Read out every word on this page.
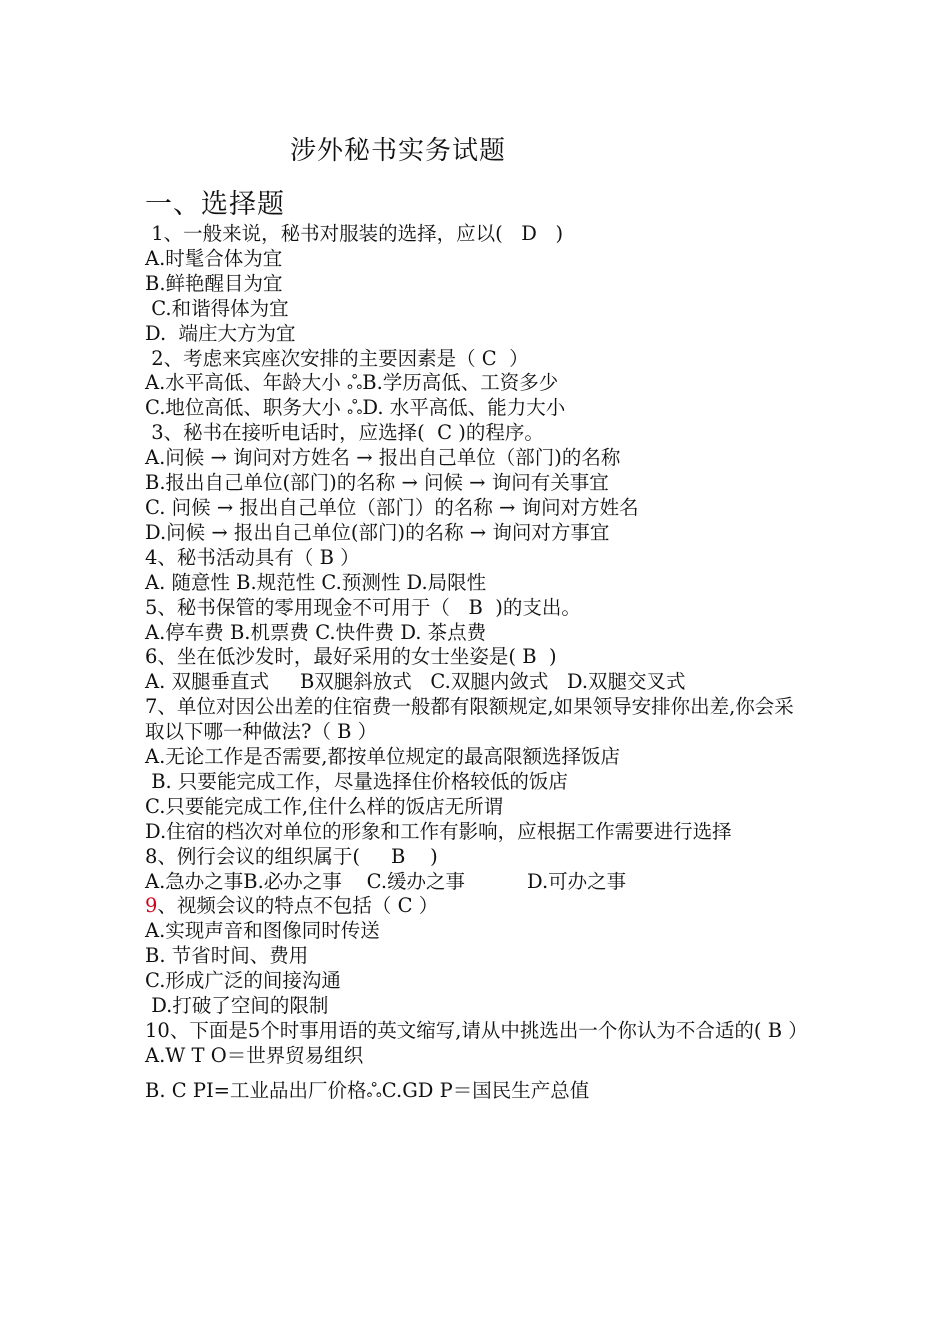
涉外秘书实务试题
一、选择题
1、一般来说，秘书对服装的选择，应以(   D   )
A.时髦合体为宜
B.鲜艳醒目为宜
C.和谐得体为宜
D.  端庄大方为宜
2、考虑来宾座次安排的主要因素是（ C  ）
A.水平高低、年龄大小 ஃB.学历高低、工资多少
C.地位高低、职务大小 ஃD. 水平高低、能力大小
3、秘书在接听电话时，应选择(  C )的程序。
A.问候 → 询问对方姓名 → 报出自己单位（部门)的名称
B.报出自己单位(部门)的名称 → 问候 → 询问有关事宜
C. 问候 → 报出自己单位（部门）的名称 → 询问对方姓名
D.问候 → 报出自己单位(部门)的名称 → 询问对方事宜
4、秘书活动具有（ B ）
A. 随意性 B.规范性 C.预测性 D.局限性
5、秘书保管的零用现金不可用于（   B  )的支出。
A.停车费 B.机票费 C.快件费 D. 茶点费
6、坐在低沙发时，最好采用的女士坐姿是( B  )
A. 双腿垂直式     B双腿斜放式   C.双腿内敛式   D.双腿交叉式
7、单位对因公出差的住宿费一般都有限额规定,如果领导安排你出差,你会采取以下哪一种做法?（ B ）
A.无论工作是否需要,都按单位规定的最高限额选择饭店
B. 只要能完成工作，尽量选择住价格较低的饭店
C.只要能完成工作,住什么样的饭店无所谓
D.住宿的档次对单位的形象和工作有影响，应根据工作需要进行选择
8、例行会议的组织属于(     B    )
A.急办之事B.必办之事    C.缓办之事          D.可办之事
9、视频会议的特点不包括（ C ）
A.实现声音和图像同时传送
B. 节省时间、费用
C.形成广泛的间接沟通
D.打破了空间的限制
10、下面是5个时事用语的英文缩写,请从中挑选出一个你认为不合适的( B ）
A.W T O＝世界贸易组织
B. C PI=工业品出厂价格ஃC.GD P＝国民生产总值
